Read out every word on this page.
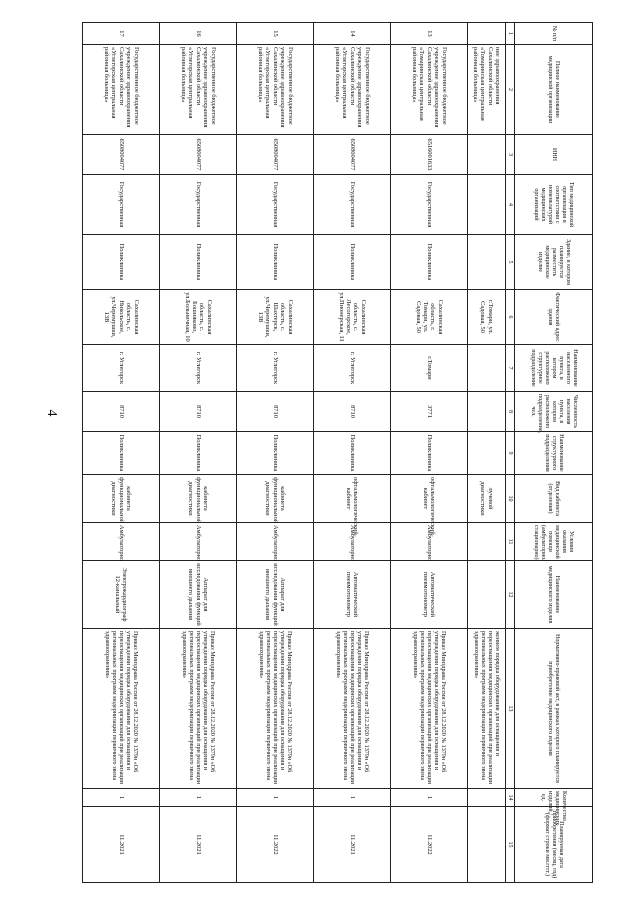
4
№ п/п	Полное наименование медицинской организации	ИНН	Тип медицинской организации в соответствии с номенклатурой медицинских организаций	Здание, в котором планируется разместить медицинское изделие	Фактический адрес здания	Наименование населенного пункта, в котором расположено структурное подразделение	Численность населения пункта, в котором расположено подразделение, чел.	Наименование структурного подразделения	Вид кабинета (отделения)	Условия оказания медицинской помощи (амбулаторно/стационарно)	Наименование медицинского изделия	Нормативно-правовой акт, в рамках которого планируется приобретение медицинского изделия	Количество медицинских изделий, ед.	Планируемая дата приобретения (месяц, год) (формат строки мм.гггг.)
1	2	3	4	5	6	7	8	9	10	11	12	13	14	15
	ние здравоохранения Сахалинской области «Томаринская центральная районная больница»				г.Томари, ул. Садовая, 50				лучевой диагностики			жением порядка оборудования для оснащения и переоснащения медицинских организаций при реализации региональных программ модернизации первичного звена здравоохранения»		
13	Государственное бюджетное учреждение здравоохранения Сахалинской области «Томаринская центральная районная больница»	6516001633	Государственная	Поликлиника	Сахалинская область, г. Томари, ул. Садовая, 50	г.Томари	3771	Поликлиника	офтальмологический кабинет	Амбулаторно	Автоматический пневмотонометр	Приказ Минздрава России от 28.12.2020 № 1379н «Об утверждении порядка оборудования для оснащения и переоснащения медицинских организаций при реализации региональных программ модернизации первичного звена здравоохранения»	1	11.2022
14	Государственное бюджетное учреждение здравоохранения Сахалинской области «Углегорская центральная районная больница»	6508004077	Государственная	Поликлиника	Сахалинская область, с. Лесогорское, ул.Пионерская, 11	г. Углегорск	8710	Поликлиника	офтальмологический кабинет	Амбулаторно	Автоматический пневмотонометр	Приказ Минздрава России от 28.12.2020 № 1379н «Об утверждении порядка оборудования для оснащения и переоснащения медицинских организаций при реализации региональных программ модернизации первичного звена здравоохранения»	1	11.2021
15	Государственное бюджетное учреждение здравоохранения Сахалинской области «Углегорская центральная районная больница»	6508004077	Государственная	Поликлиника	Сахалинская область, с. Шахтерск, ул.Черемушки, 13В	г. Углегорск	8710	Поликлиника	кабинета функциональной диагностики	Амбулаторно	Аппарат для исследования функций внешнего дыхания	Приказ Минздрава России от 28.12.2020 № 1379н «Об утверждении порядка оборудования для оснащения и переоснащения медицинских организаций при реализации региональных программ модернизации первичного звена здравоохранения»	1	11.2022
16	Государственное бюджетное учреждение здравоохранения Сахалинской области «Углегорская центральная районная больница»	6508004077	Государственная	Поликлиника	Сахалинская область, с. Бошняково, ул.Больничная, 10	г. Углегорск	8710	Поликлиника	кабинета функциональной диагностики	Амбулаторно	Аппарат для исследования функций внешнего дыхания	Приказ Минздрава России от 28.12.2020 № 1379н «Об утверждении порядка оборудования для оснащения и переоснащения медицинских организаций при реализации региональных программ модернизации первичного звена здравоохранения»	1	11.2021
17	Государственное бюджетное учреждение здравоохранения Сахалинской области «Углегорская центральная районная больница»	6508004077	Государственная	Поликлиника	Сахалинская область, с. Никольское, ул.Черемушки, 13В	г. Углегорск	8710	Поликлиника	кабинета функциональной диагностики	Амбулаторно	Электрокардиограф 12-канальный	Приказ Минздрава России от 28.12.2020 № 1379н «Об утверждении порядка оборудования для оснащения и переоснащения медицинских организаций при реализации региональных программ модернизации первичного звена здравоохранения»	1	11.2021
